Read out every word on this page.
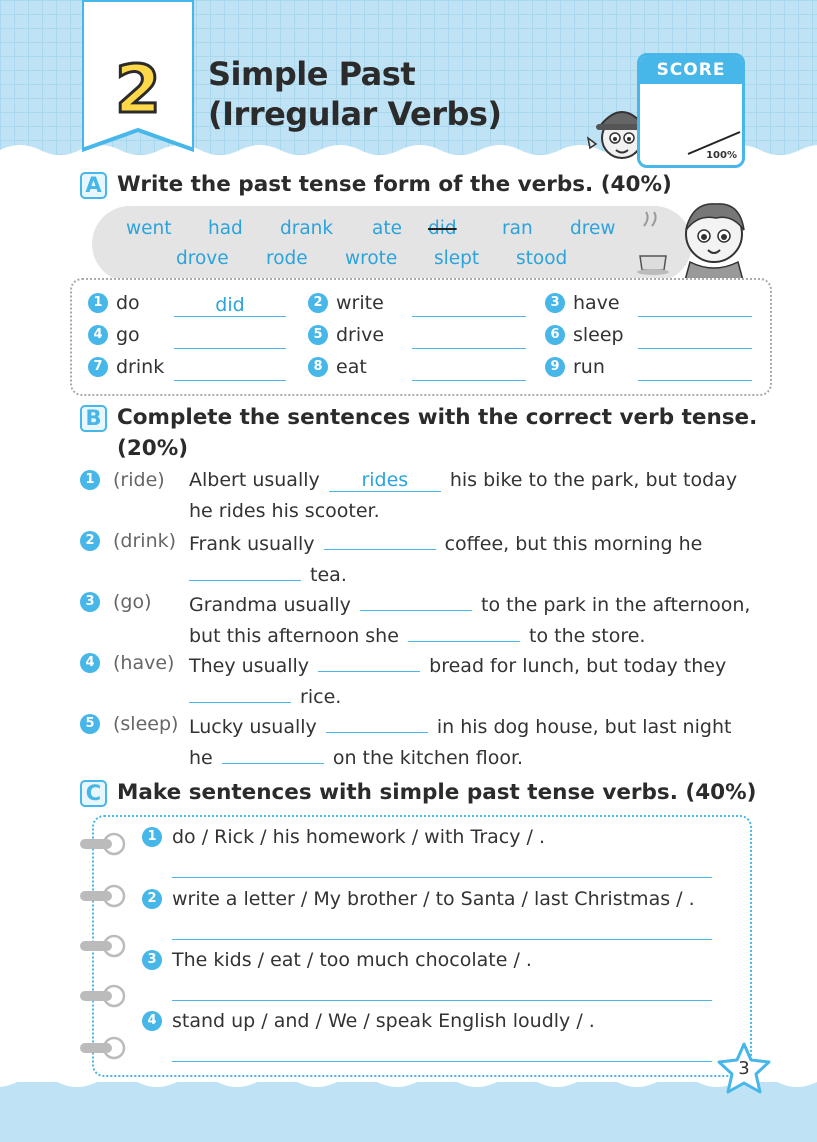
2 Simple Past
(Irregular Verbs)
SCORE
100%
A Write the past tense form of the verbs. (40%)
went had drank ate did ran drew
drove rode wrote slept stood
1 do	did	2 write	3 have
4 go	5 drive	6 sleep
7 drink	8 eat	9 run
B Complete the sentences with the correct verb tense.
(20%)
1 (ride) Albert usually rides his bike to the park, but today
he rides his scooter.
2 (drink) Frank usually	coffee, but this morning he
tea.
3 (go) Grandma usually	to the park in the afternoon,
but this afternoon she	to the store.
4 (have) They usually	bread for lunch, but today they
rice.
5 (sleep) Lucky usually	in his dog house, but last night
he	on the kitchen floor.
C Make sentences with simple past tense verbs. (40%)
1 do / Rick / his homework / with Tracy / .
2 write a letter / My brother / to Santa / last Christmas / .
3 The kids / eat / too much chocolate / .
4 stand up / and / We / speak English loudly / .
3
